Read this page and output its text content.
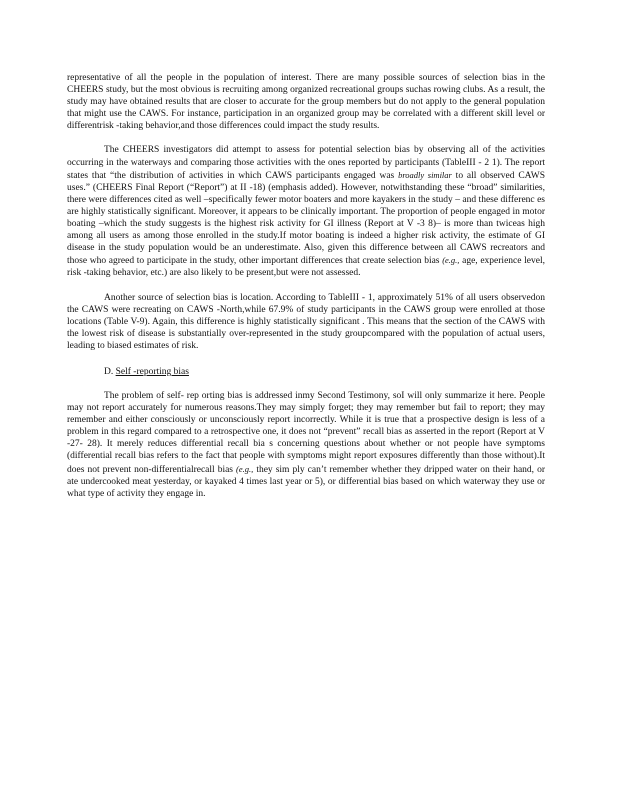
representative of all the people in the population of interest. There are many possible sources of selection bias in the CHEERS study, but the most obvious is recruiting among organized recreational groups suchas rowing clubs. As a result, the study may have obtained results that are closer to accurate for the group members but do not apply to the general population that might use the CAWS. For instance, participation in an organized group may be correlated with a different skill level or differentrisk -taking behavior,and those differences could impact the study results.

The CHEERS investigators did attempt to assess for potential selection bias by observing all of the activities occurring in the waterways and comparing those activities with the ones reported by participants (TableIII - 2 1). The report states that “the distribution of activities in which CAWS participants engaged was broadly similar to all observed CAWS uses.” (CHEERS Final Report (“Report”) at II -18) (emphasis added). However, notwithstanding these “broad” similarities, there were differences cited as well –specifically fewer motor boaters and more kayakers in the study – and these differenc es are highly statistically significant. Moreover, it appears to be clinically important. The proportion of people engaged in motor boating –which the study suggests is the highest risk activity for GI illness (Report at V -3 8)– is more than twiceas high among all users as among those enrolled in the study.If motor boating is indeed a higher risk activity, the estimate of GI disease in the study population would be an underestimate. Also, given this difference between all CAWS recreators and those who agreed to participate in the study, other important differences that create selection bias (e.g., age, experience level, risk -taking behavior, etc.) are also likely to be present,but were not assessed.

Another source of selection bias is location. According to TableIII - 1, approximately 51% of all users observedon the CAWS were recreating on CAWS -North,while 67.9% of study participants in the CAWS group were enrolled at those locations (Table V-9). Again, this difference is highly statistically significant . This means that the section of the CAWS with the lowest risk of disease is substantially over-represented in the study groupcompared with the population of actual users, leading to biased estimates of risk.

D. Self -reporting bias

The problem of self- rep orting bias is addressed inmy Second Testimony, soI will only summarize it here. People may not report accurately for numerous reasons.They may simply forget; they may remember but fail to report; they may remember and either consciously or unconsciously report incorrectly. While it is true that a prospective design is less of a problem in this regard compared to a retrospective one, it does not “prevent” recall bias as asserted in the report (Report at V -27- 28). It merely reduces differential recall bia s concerning questions about whether or not people have symptoms (differential recall bias refers to the fact that people with symptoms might report exposures differently than those without).It does not prevent non-differentialrecall bias (e.g., they sim ply can’t remember whether they dripped water on their hand, or ate undercooked meat yesterday, or kayaked 4 times last year or 5), or differential bias based on which waterway they use or what type of activity they engage in.
